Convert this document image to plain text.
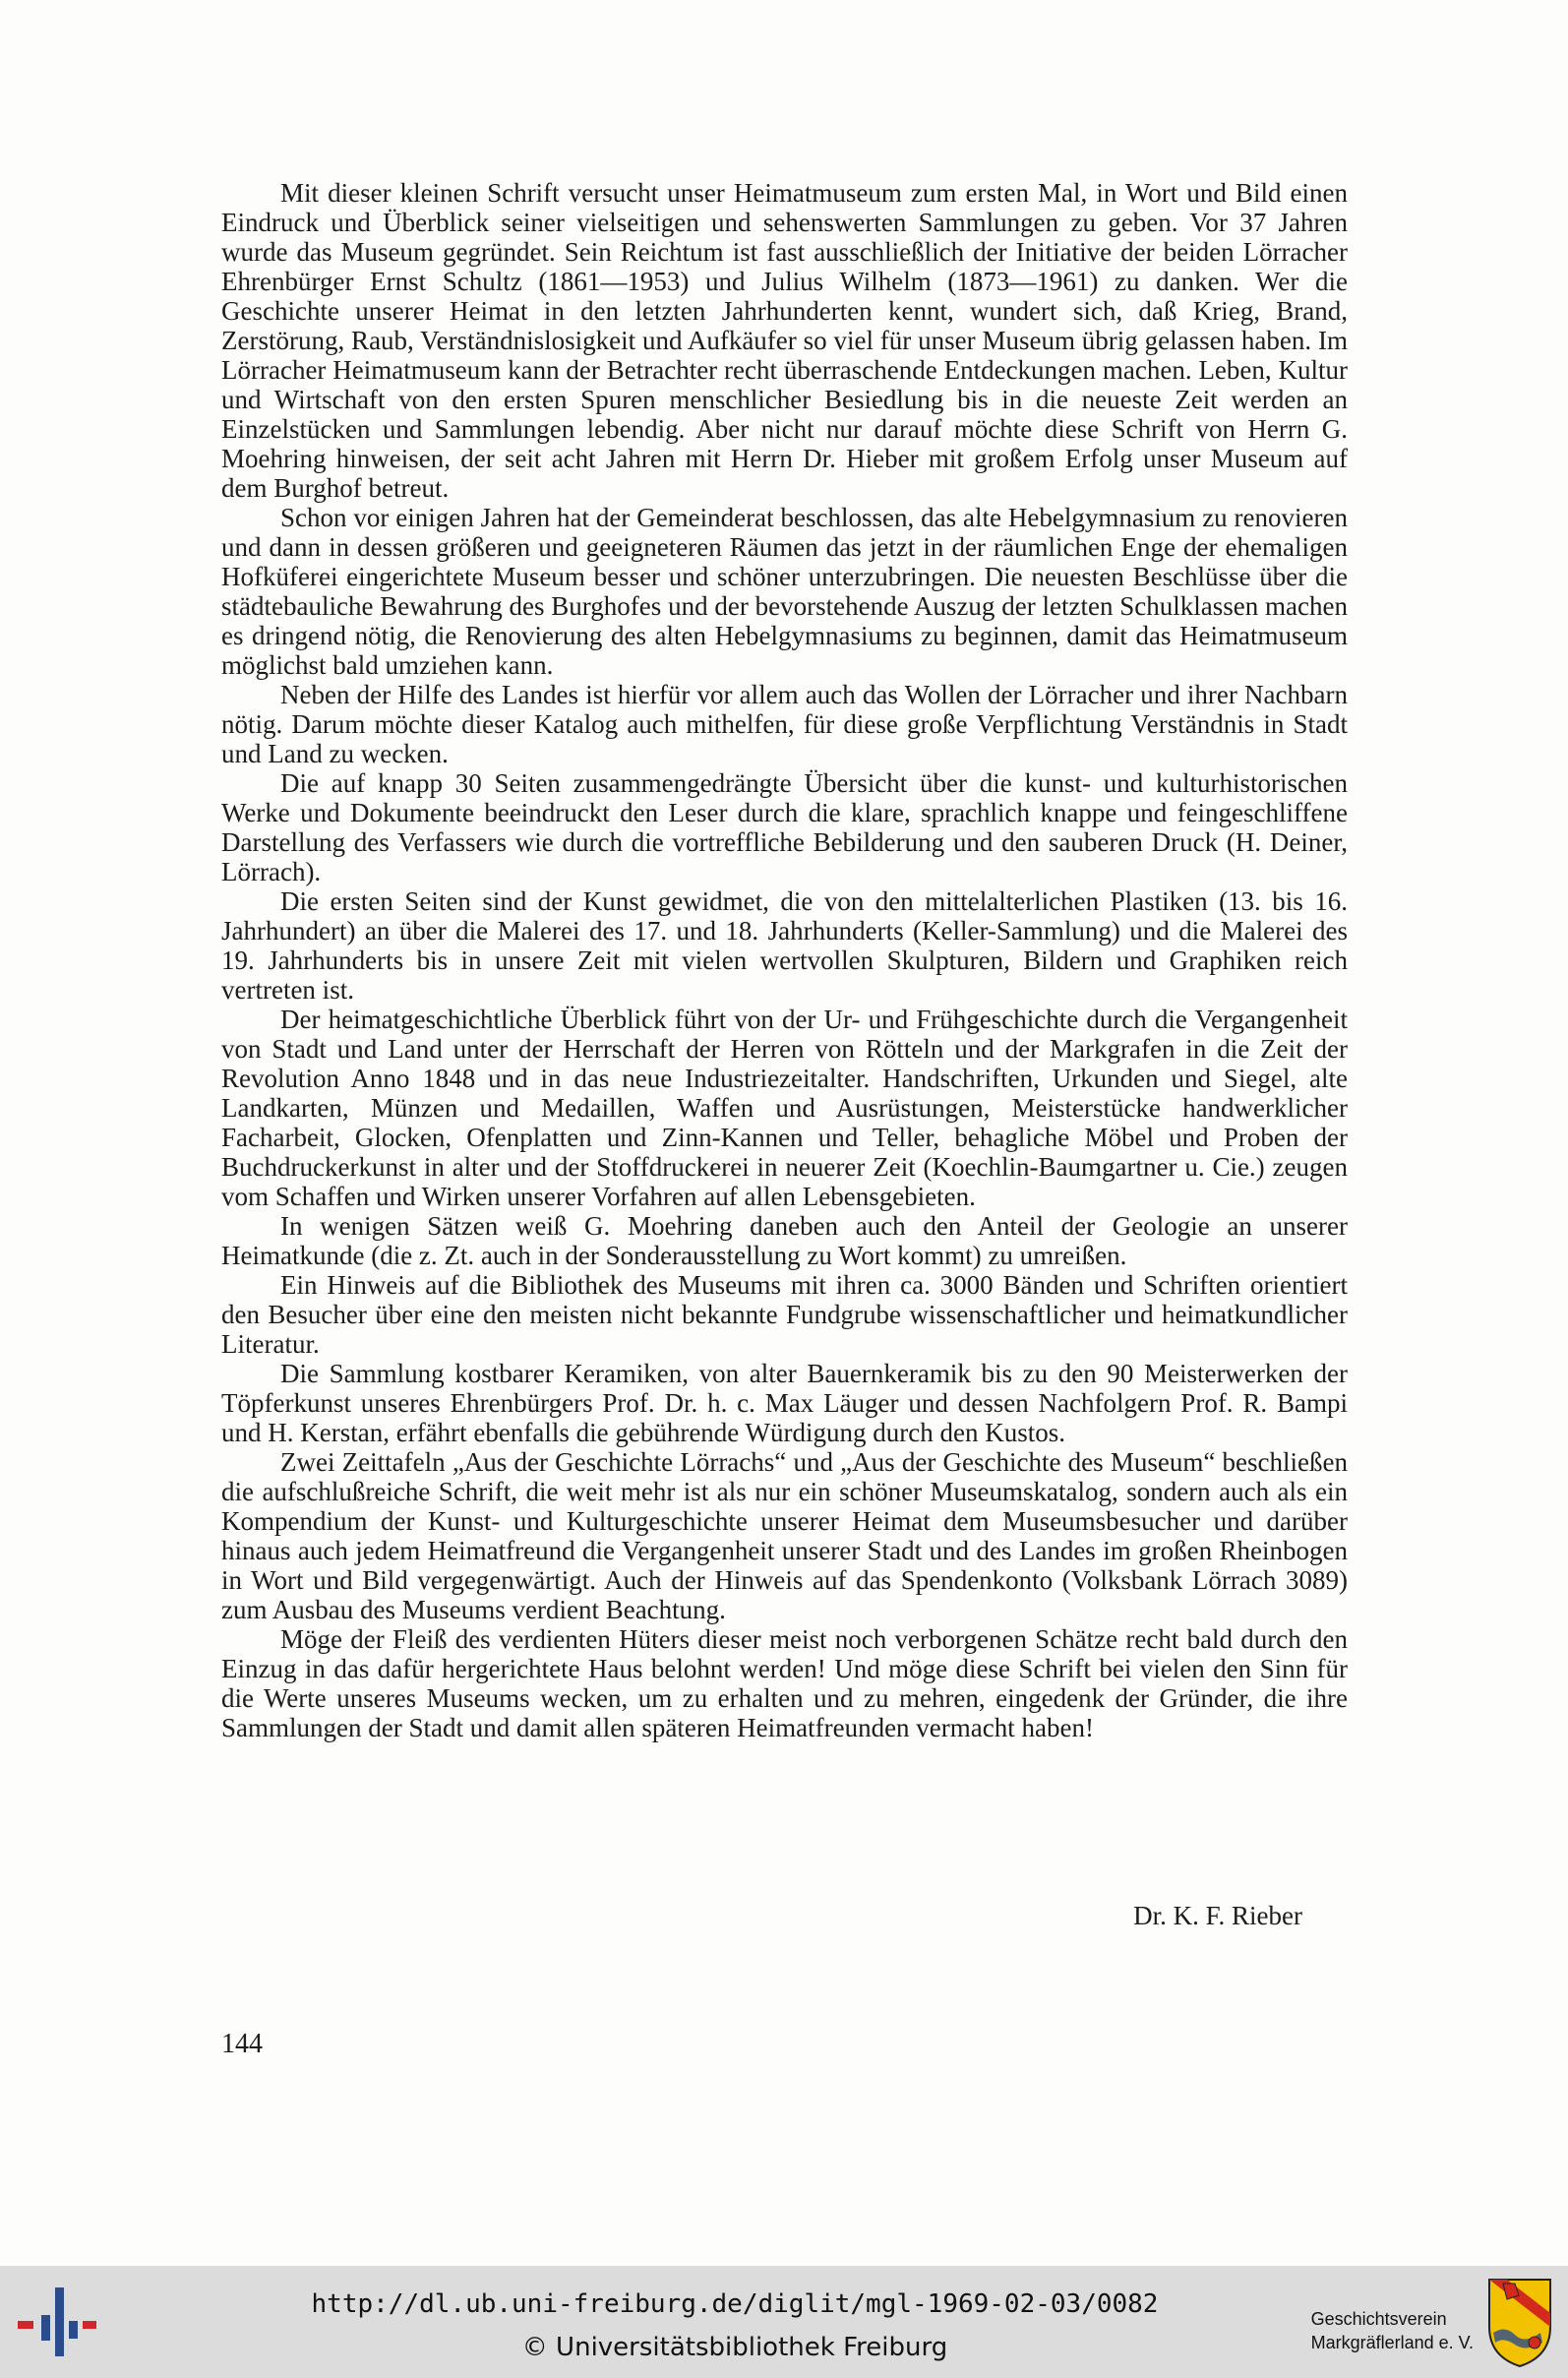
Mit dieser kleinen Schrift versucht unser Heimatmuseum zum ersten Mal, in Wort und Bild einen Eindruck und Überblick seiner vielseitigen und sehenswerten Sammlungen zu geben. Vor 37 Jahren wurde das Museum gegründet. Sein Reichtum ist fast ausschließlich der Initiative der beiden Lörracher Ehrenbürger Ernst Schultz (1861—1953) und Julius Wilhelm (1873—1961) zu danken. Wer die Geschichte unserer Heimat in den letzten Jahrhunderten kennt, wundert sich, daß Krieg, Brand, Zerstörung, Raub, Verständnislosigkeit und Aufkäufer so viel für unser Museum übrig gelassen haben. Im Lörracher Heimatmuseum kann der Betrachter recht überraschende Entdeckungen machen. Leben, Kultur und Wirtschaft von den ersten Spuren menschlicher Besiedlung bis in die neueste Zeit werden an Einzelstücken und Sammlungen lebendig. Aber nicht nur darauf möchte diese Schrift von Herrn G. Moehring hinweisen, der seit acht Jahren mit Herrn Dr. Hieber mit großem Erfolg unser Museum auf dem Burghof betreut.

Schon vor einigen Jahren hat der Gemeinderat beschlossen, das alte Hebelgymnasium zu renovieren und dann in dessen größeren und geeigneteren Räumen das jetzt in der räumlichen Enge der ehemaligen Hofküferei eingerichtete Museum besser und schöner unterzubringen. Die neuesten Beschlüsse über die städtebauliche Bewahrung des Burghofes und der bevorstehende Auszug der letzten Schulklassen machen es dringend nötig, die Renovierung des alten Hebelgymnasiums zu beginnen, damit das Heimatmuseum möglichst bald umziehen kann.

Neben der Hilfe des Landes ist hierfür vor allem auch das Wollen der Lörracher und ihrer Nachbarn nötig. Darum möchte dieser Katalog auch mithelfen, für diese große Verpflichtung Verständnis in Stadt und Land zu wecken.

Die auf knapp 30 Seiten zusammengedrängte Übersicht über die kunst- und kulturhistorischen Werke und Dokumente beeindruckt den Leser durch die klare, sprachlich knappe und feingeschliffene Darstellung des Verfassers wie durch die vortreffliche Bebilderung und den sauberen Druck (H. Deiner, Lörrach).

Die ersten Seiten sind der Kunst gewidmet, die von den mittelalterlichen Plastiken (13. bis 16. Jahrhundert) an über die Malerei des 17. und 18. Jahrhunderts (Keller-Sammlung) und die Malerei des 19. Jahrhunderts bis in unsere Zeit mit vielen wertvollen Skulpturen, Bildern und Graphiken reich vertreten ist.

Der heimatgeschichtliche Überblick führt von der Ur- und Frühgeschichte durch die Vergangenheit von Stadt und Land unter der Herrschaft der Herren von Rötteln und der Markgrafen in die Zeit der Revolution Anno 1848 und in das neue Industriezeitalter. Handschriften, Urkunden und Siegel, alte Landkarten, Münzen und Medaillen, Waffen und Ausrüstungen, Meisterstücke handwerklicher Facharbeit, Glocken, Ofenplatten und Zinn-Kannen und Teller, behagliche Möbel und Proben der Buchdruckerkunst in alter und der Stoffdruckerei in neuerer Zeit (Koechlin-Baumgartner u. Cie.) zeugen vom Schaffen und Wirken unserer Vorfahren auf allen Lebensgebieten.

In wenigen Sätzen weiß G. Moehring daneben auch den Anteil der Geologie an unserer Heimatkunde (die z. Zt. auch in der Sonderausstellung zu Wort kommt) zu umreißen.

Ein Hinweis auf die Bibliothek des Museums mit ihren ca. 3000 Bänden und Schriften orientiert den Besucher über eine den meisten nicht bekannte Fundgrube wissenschaftlicher und heimatkundlicher Literatur.

Die Sammlung kostbarer Keramiken, von alter Bauernkeramik bis zu den 90 Meisterwerken der Töpferkunst unseres Ehrenbürgers Prof. Dr. h. c. Max Läuger und dessen Nachfolgern Prof. R. Bampi und H. Kerstan, erfährt ebenfalls die gebührende Würdigung durch den Kustos.

Zwei Zeittafeln „Aus der Geschichte Lörrachs“ und „Aus der Geschichte des Museum“ beschließen die aufschlußreiche Schrift, die weit mehr ist als nur ein schöner Museumskatalog, sondern auch als ein Kompendium der Kunst- und Kulturgeschichte unserer Heimat dem Museumsbesucher und darüber hinaus auch jedem Heimatfreund die Vergangenheit unserer Stadt und des Landes im großen Rheinbogen in Wort und Bild vergegenwärtigt. Auch der Hinweis auf das Spendenkonto (Volksbank Lörrach 3089) zum Ausbau des Museums verdient Beachtung.

Möge der Fleiß des verdienten Hüters dieser meist noch verborgenen Schätze recht bald durch den Einzug in das dafür hergerichtete Haus belohnt werden! Und möge diese Schrift bei vielen den Sinn für die Werte unseres Museums wecken, um zu erhalten und zu mehren, eingedenk der Gründer, die ihre Sammlungen der Stadt und damit allen späteren Heimatfreunden vermacht haben!

Dr. K. F. Rieber
144
http://dl.ub.uni-freiburg.de/diglit/mgl-1969-02-03/0082
© Universitätsbibliothek Freiburg
Geschichtsverein
Markgräflerland e. V.
